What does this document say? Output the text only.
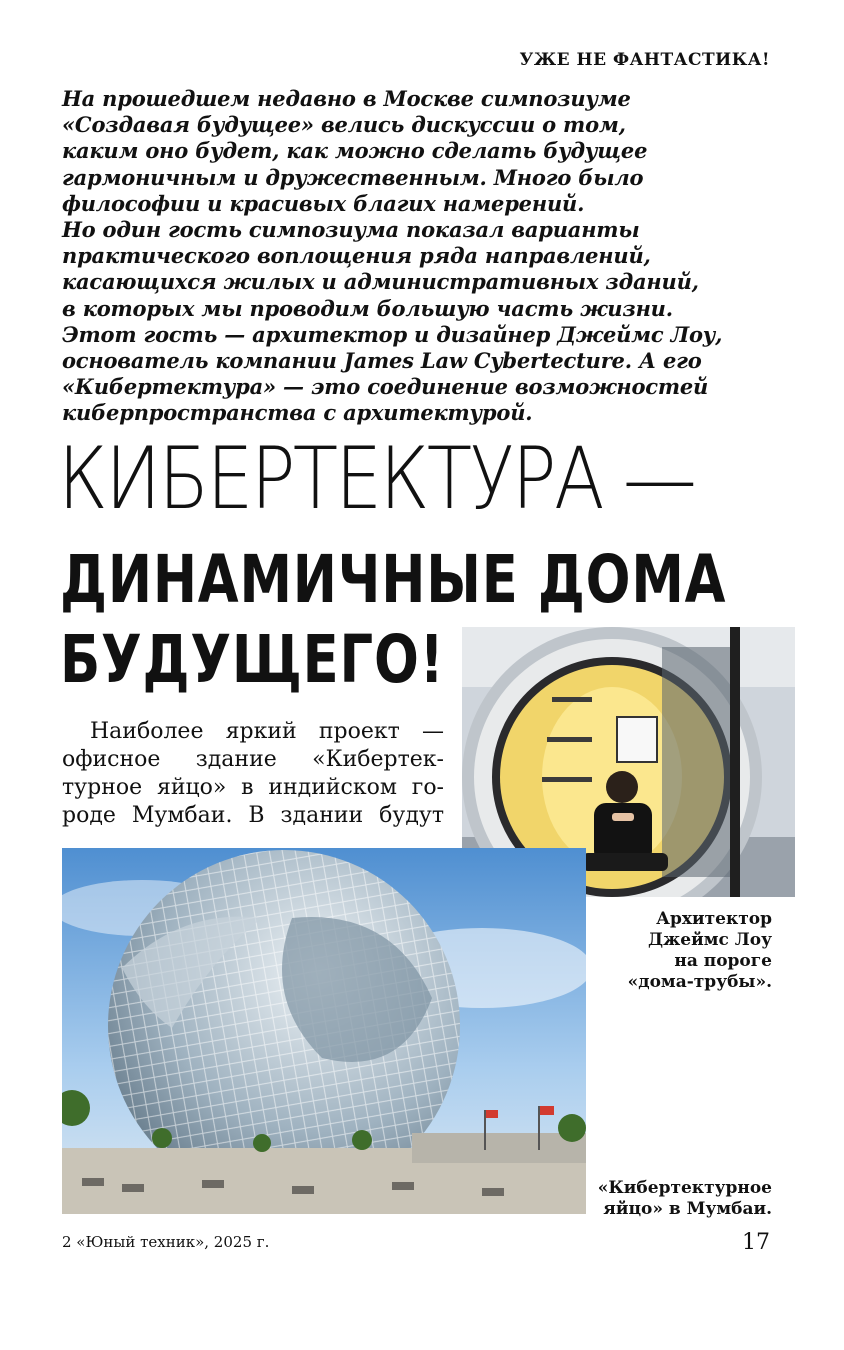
УЖЕ НЕ ФАНТАСТИКА!
На прошедшем недавно в Москве симпозиуме
«Создавая будущее» велись дискуссии о том,
каким оно будет, как можно сделать будущее
гармоничным и дружественным. Много было
философии и красивых благих намерений.
Но один гость симпозиума показал варианты
практического воплощения ряда направлений,
касающихся жилых и административных зданий,
в которых мы проводим большую часть жизни.
Этот гость — архитектор и дизайнер Джеймс Лоу,
основатель компании James Law Cybertecture. А его
«Кибертектура» — это соединение возможностей
киберпространства с архитектурой.
КИБЕРТЕКТУРА —
ДИНАМИЧНЫЕ ДОМА
БУДУЩЕГО!
Наиболее яркий проект —
офисное здание «Кибертек-
турное яйцо» в индийском го-
роде Мумбаи. В здании будут
Архитектор
Джеймс Лоу
на пороге
«дома-трубы».
«Кибертектурное
яйцо» в Мумбаи.
2 «Юный техник», 2025 г.	17
